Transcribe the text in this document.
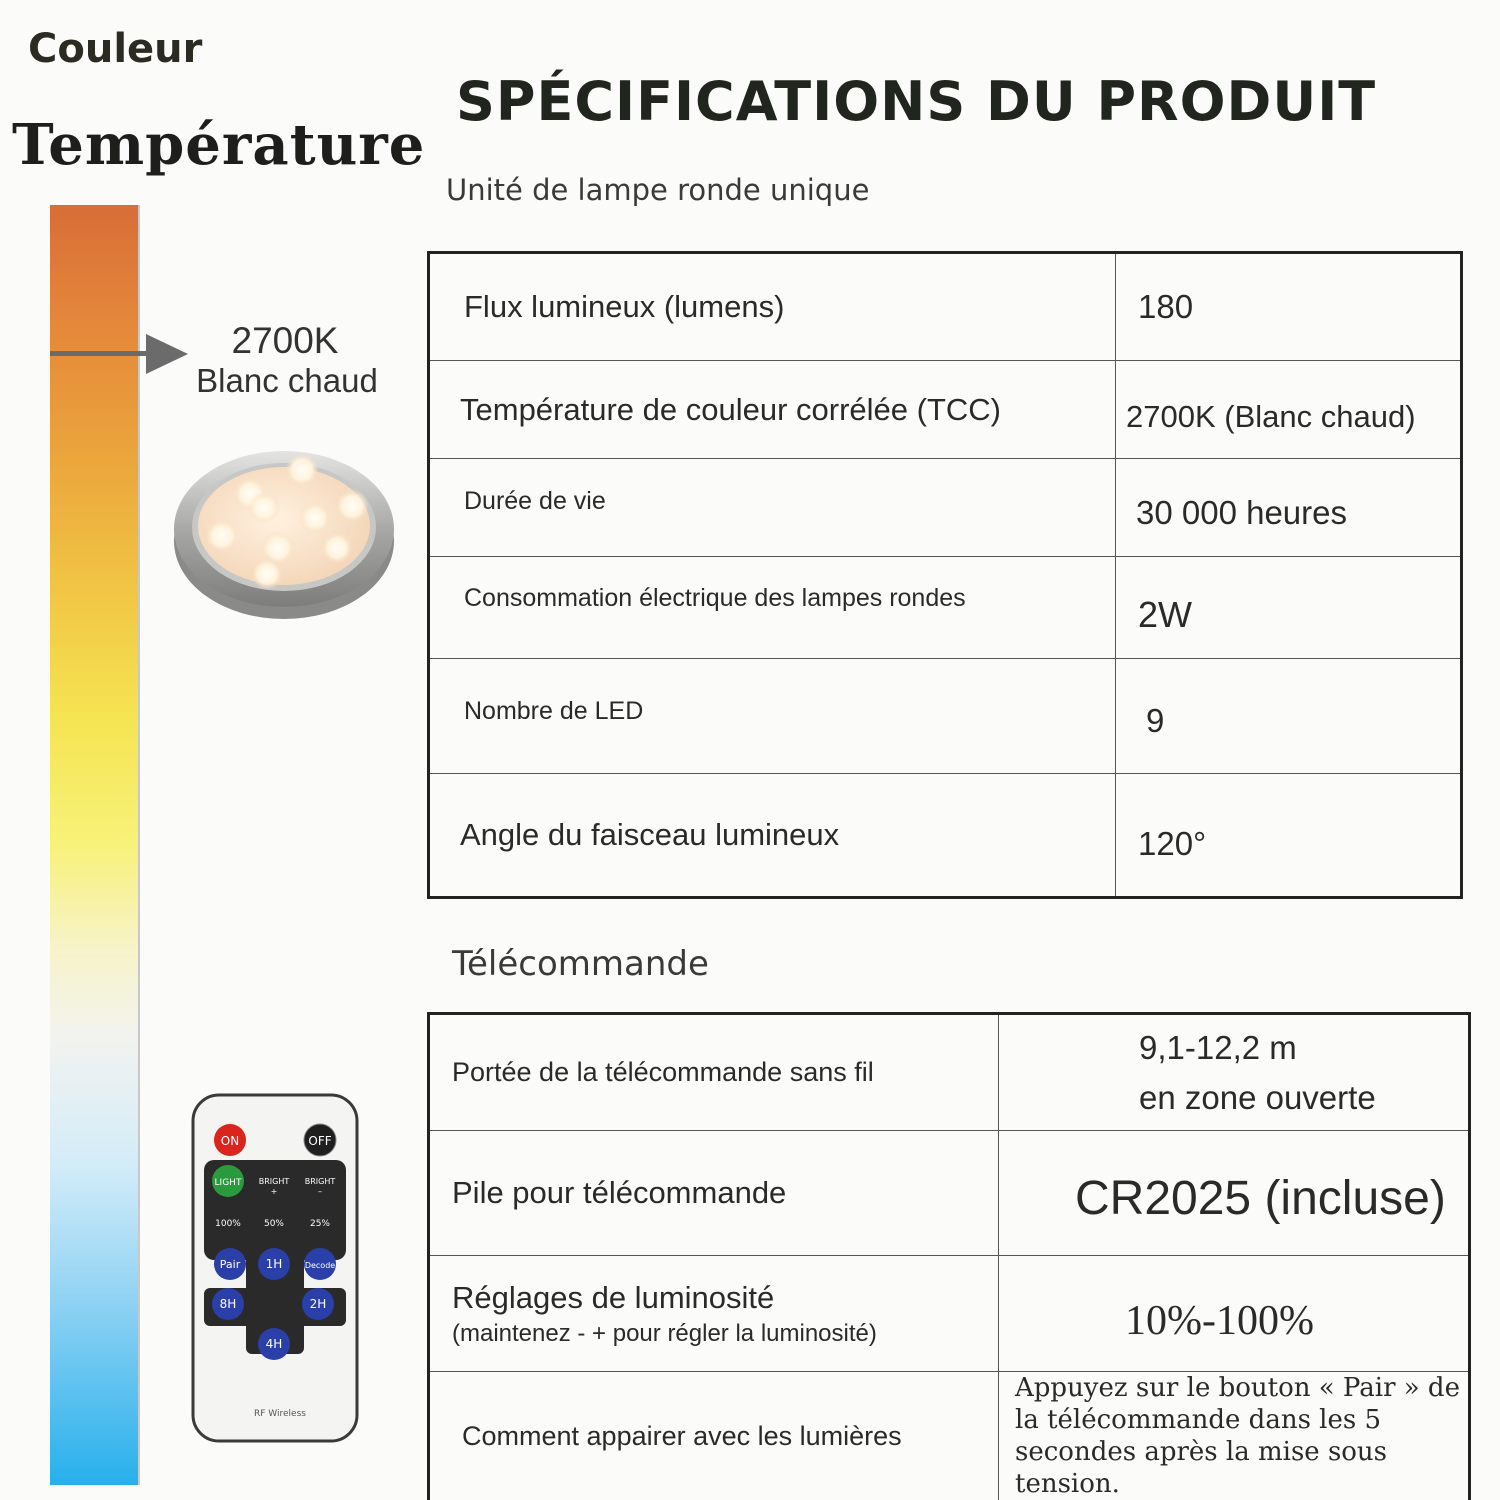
Couleur
Température
2700K
Blanc chaud
ON	OFF
LIGHT BRIGHT
+
BRIGHT
–
100%	50%	25%
Pair 1H	Decode
8H	2H
4H
RF Wireless
SPÉCIFICATIONS DU PRODUIT
Unité de lampe ronde unique
Télécommande
Flux lumineux (lumens)	180
Température de couleur corrélée (TCC)	2700K (Blanc chaud)
Durée de vie	30 000 heures
Consommation électrique des lampes rondes	2W
Nombre de LED	9
Angle du faisceau lumineux	120°
Portée de la télécommande sans fil	9,1-12,2 m
en zone ouverte

Pile pour télécommande	CR2025 (incluse)
Réglages de luminosité
(maintenez - + pour régler la luminosité)	10%-100%
Comment appairer avec les lumières	Appuyez sur le bouton « Pair » de la télécommande dans les 5 secondes après la mise sous tension.
